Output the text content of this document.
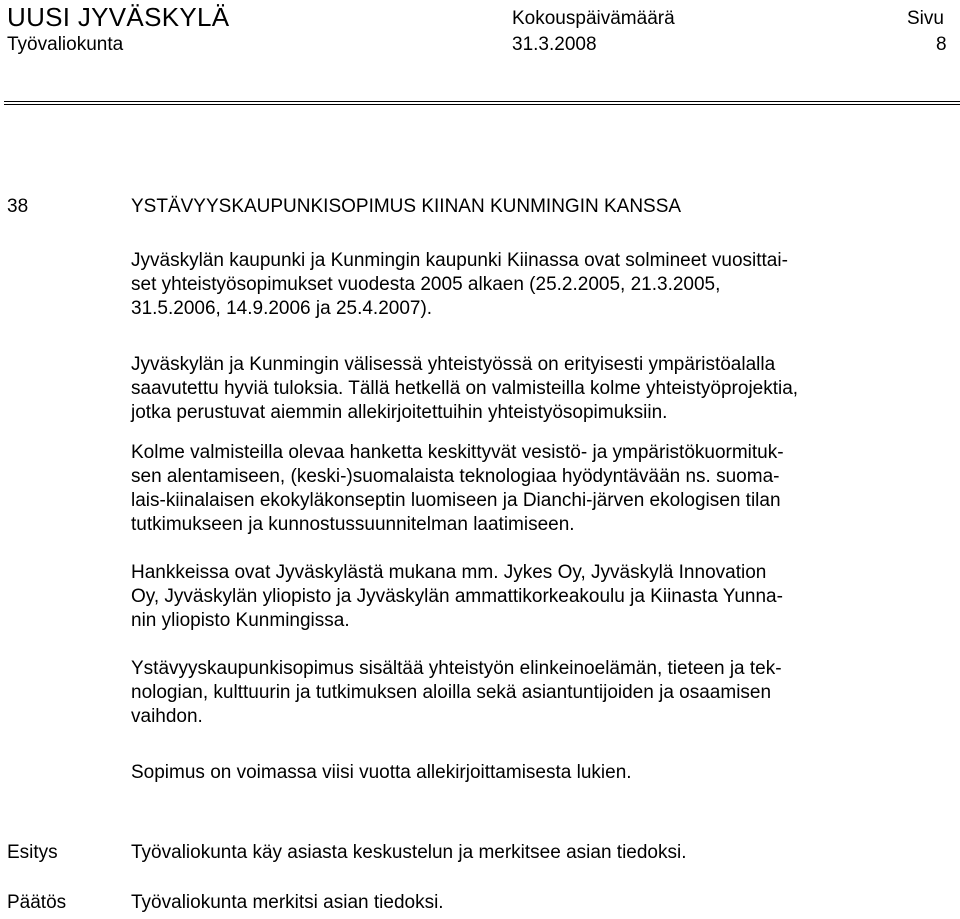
UUSI JYVÄSKYLÄ
Työvaliokunta
Kokouspäivämäärä
31.3.2008
Sivu
8
38	YSTÄVYYSKAUPUNKISOPIMUS KIINAN KUNMINGIN KANSSA

Jyväskylän kaupunki ja Kunmingin kaupunki Kiinassa ovat solmineet vuosittai-
set yhteistyösopimukset vuodesta 2005 alkaen (25.2.2005, 21.3.2005,
31.5.2006, 14.9.2006 ja 25.4.2007).

Jyväskylän ja Kunmingin välisessä yhteistyössä on erityisesti ympäristöalalla
saavutettu hyviä tuloksia. Tällä hetkellä on valmisteilla kolme yhteistyöprojektia,
jotka perustuvat aiemmin allekirjoitettuihin yhteistyösopimuksiin.

Kolme valmisteilla olevaa hanketta keskittyvät vesistö- ja ympäristökuormituk-
sen alentamiseen, (keski-)suomalaista teknologiaa hyödyntävään ns. suoma-
lais-kiinalaisen ekokyläkonseptin luomiseen ja Dianchi-järven ekologisen tilan
tutkimukseen ja kunnostussuunnitelman laatimiseen.

Hankkeissa ovat Jyväskylästä mukana mm. Jykes Oy, Jyväskylä Innovation
Oy, Jyväskylän yliopisto ja Jyväskylän ammattikorkeakoulu ja Kiinasta Yunna-
nin yliopisto Kunmingissa.

Ystävyyskaupunkisopimus sisältää yhteistyön elinkeinoelämän, tieteen ja tek-
nologian, kulttuurin ja tutkimuksen aloilla sekä asiantuntijoiden ja osaamisen
vaihdon.

Sopimus on voimassa viisi vuotta allekirjoittamisesta lukien.

Esitys	Työvaliokunta käy asiasta keskustelun ja merkitsee asian tiedoksi.
Päätös	Työvaliokunta merkitsi asian tiedoksi.
